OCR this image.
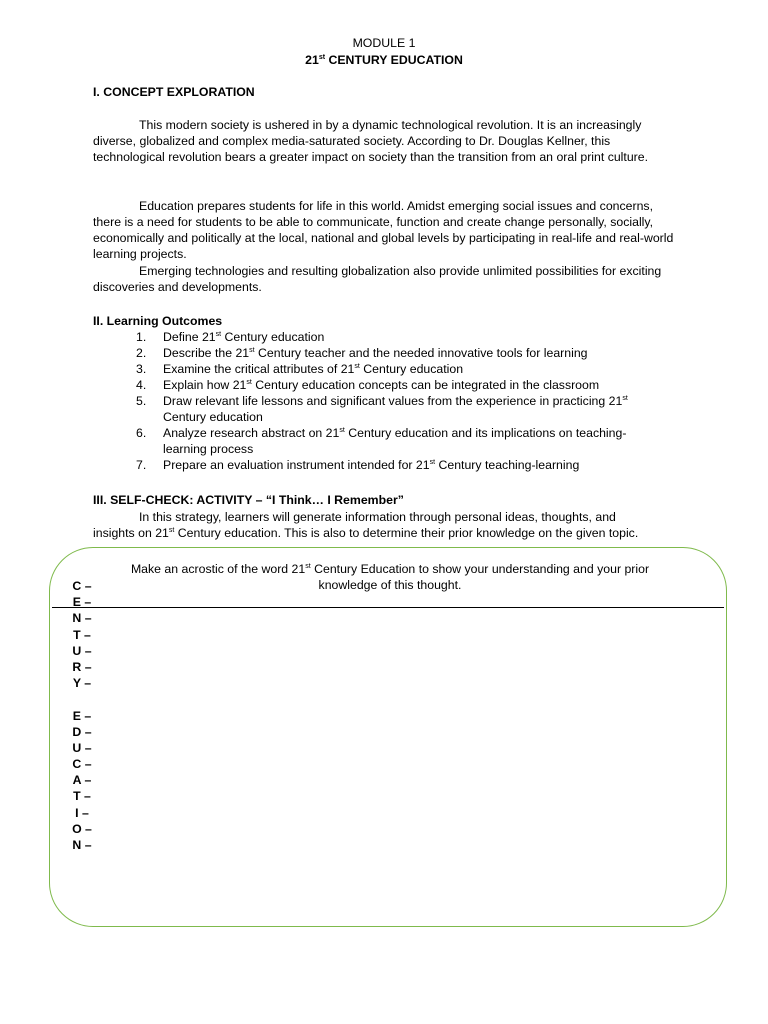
MODULE 1
21st CENTURY EDUCATION
I. CONCEPT EXPLORATION
This modern society is ushered in by a dynamic technological revolution. It is an increasingly diverse, globalized and complex media-saturated society. According to Dr. Douglas Kellner, this technological revolution bears a greater impact on society than the transition from an oral print culture.
Education prepares students for life in this world. Amidst emerging social issues and concerns, there is a need for students to be able to communicate, function and create change personally, socially, economically and politically at the local, national and global levels by participating in real-life and real-world learning projects.
Emerging technologies and resulting globalization also provide unlimited possibilities for exciting discoveries and developments.
II. Learning Outcomes
1. Define 21st Century education
2. Describe the 21st Century teacher and the needed innovative tools for learning
3. Examine the critical attributes of 21st Century education
4. Explain how 21st Century education concepts can be integrated in the classroom
5. Draw relevant life lessons and significant values from the experience in practicing 21st Century education
6. Analyze research abstract on 21st Century education and its implications on teaching-learning process
7. Prepare an evaluation instrument intended for 21st Century teaching-learning
III. SELF-CHECK: ACTIVITY – “I Think… I Remember”
In this strategy, learners will generate information through personal ideas, thoughts, and
insights on 21st Century education. This is also to determine their prior knowledge on the given topic.
Make an acrostic of the word 21st Century Education to show your understanding and your prior knowledge of this thought.
C –
E –
N –
T –
U –
R –
Y –
E –
D –
U –
C –
A –
T –
I –
O –
N –
